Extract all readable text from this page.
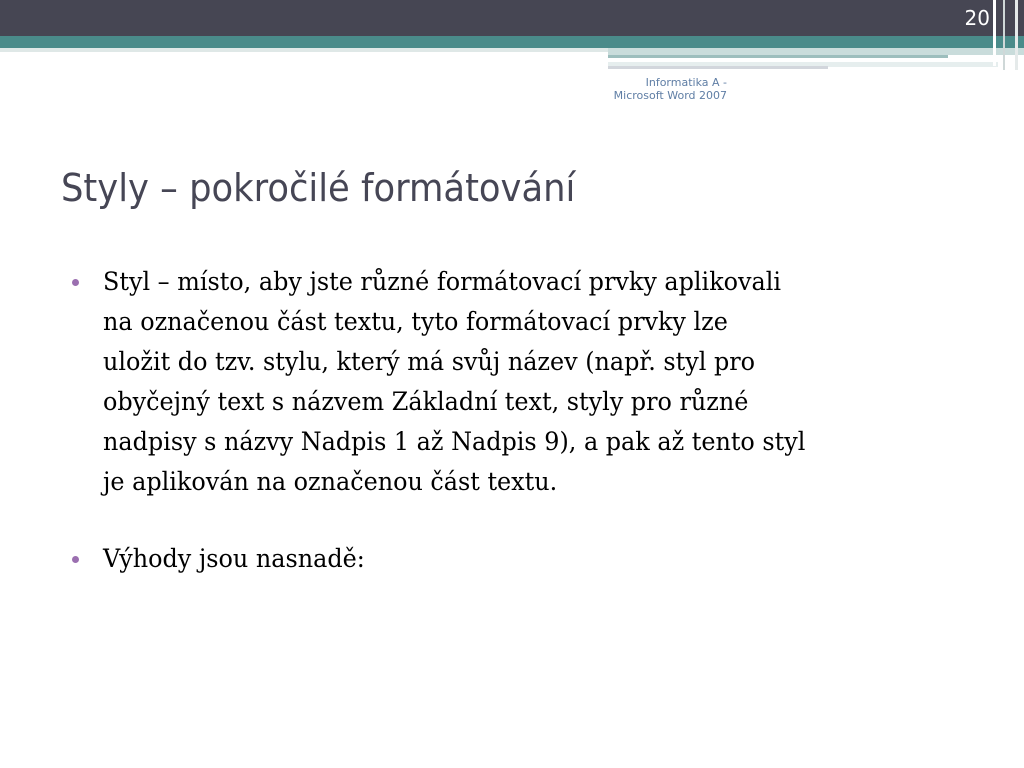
20
Informatika A -
Microsoft Word 2007
Styly – pokročilé formátování
Styl – místo, aby jste různé formátovací prvky aplikovali
na označenou část textu, tyto formátovací prvky lze
uložit do tzv. stylu, který má svůj název (např. styl pro
obyčejný text s názvem Základní text, styly pro různé
nadpisy s názvy Nadpis 1 až Nadpis 9), a pak až tento styl
je aplikován na označenou část textu.
Výhody jsou nasnadě:
